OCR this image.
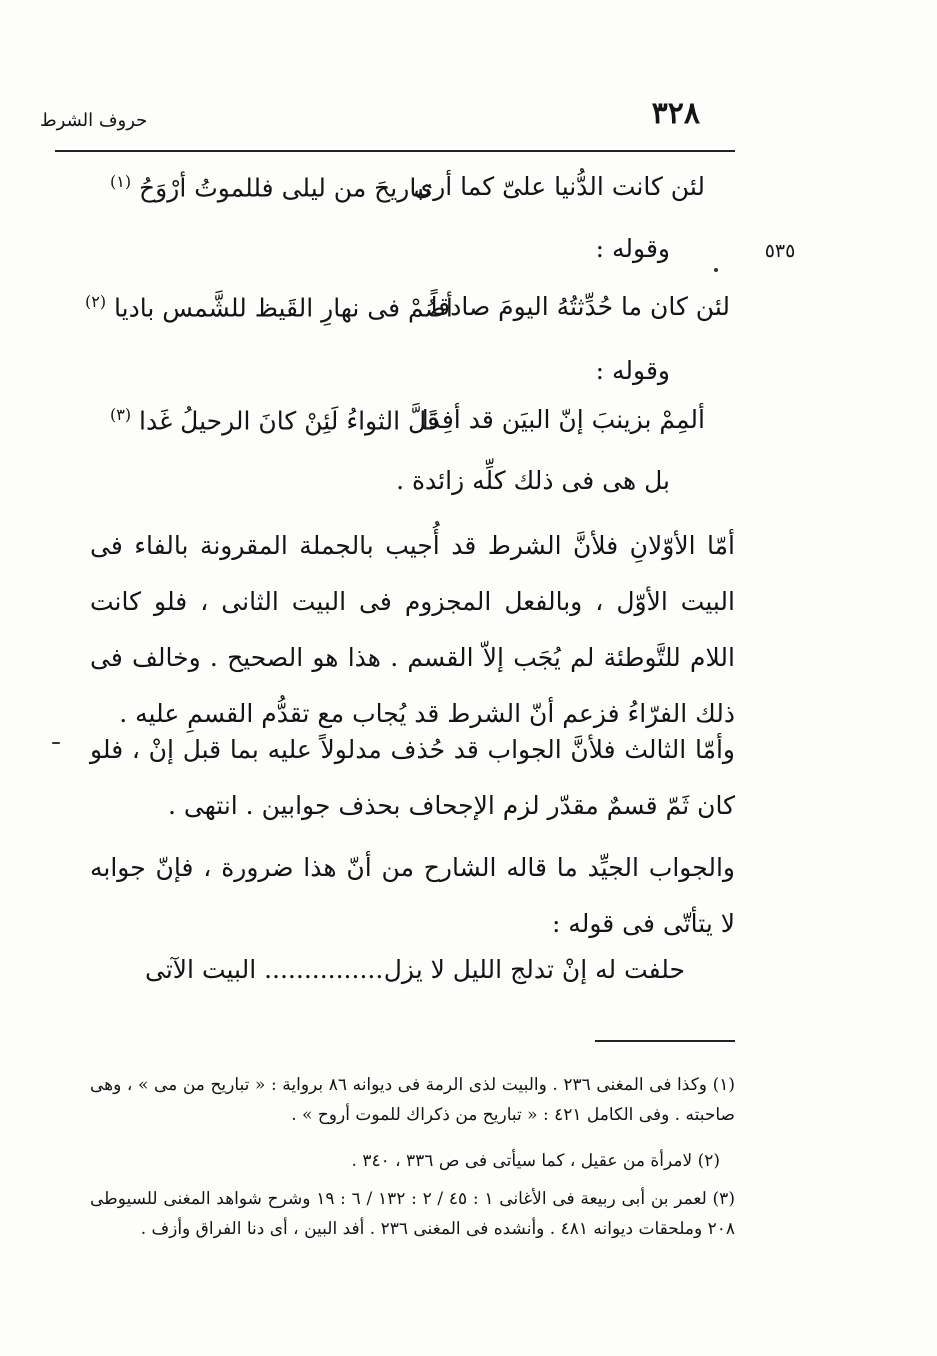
٣٢٨
حروف الشرط
لئن كانت الدُّنيا علىّ كما أرى
تباريحَ من ليلى فللموتُ أرْوَحُ $^{(١)}$
وقوله :	٥٣٥
لئن كان ما حُدِّثتُهُ اليومَ صادقاً
أصُمْ فى نهارِ القَيظ للشَّمس باديا $^{(٢)}$
وقوله :
ألمِمْ بزينبَ إنّ البيَن قد أفِدَا
قَلَّ الثواءُ لَئِنْ كانَ الرحيلُ غَدا $^{(٣)}$
بل هى فى ذلك كلِّه زائدة .
أمّا الأوّلانِ فلأنَّ الشرط قد أُجيب بالجملة المقرونة بالفاء فى البيت الأوّل ، وبالفعل المجزوم فى البيت الثانى ، فلو كانت اللام للتَّوطئة لم يُجَب إلاّ القسم . هذا هو الصحيح . وخالف فى ذلك الفرّاءُ فزعم أنّ الشرط قد يُجاب مع تقدُّم القسمِ عليه .
وأمّا الثالث فلأنَّ الجواب قد حُذف مدلولاً عليه بما قبل إنْ ، فلو كان ثَمّ قسمٌ مقدّر لزم الإجحاف بحذف جوابين . انتهى .
والجواب الجيِّد ما قاله الشارح من أنّ هذا ضرورة ، فإنّ جوابه لا يتأتّى فى قوله :
حلفت له إنْ تدلج الليل لا يزل
............... البيت الآتى
(١) وكذا فى المغنى ٢٣٦ . والبيت لذى الرمة فى ديوانه ٨٦ برواية : « تباريح من مى » ، وهى صاحبته . وفى الكامل ٤٢١ : « تباريح من ذكراك للموت أروح » .
(٢) لامرأة من عقيل ، كما سيأتى فى ص ٣٣٦ ، ٣٤٠ .
(٣) لعمر بن أبى ربيعة فى الأغانى ١ : ٤٥ / ٢ : ١٣٢ / ٦ : ١٩ وشرح شواهد المغنى للسيوطى ٢٠٨ وملحقات ديوانه ٤٨١ . وأنشده فى المغنى ٢٣٦ . أفد البين ، أى دنا الفراق وأزف .
